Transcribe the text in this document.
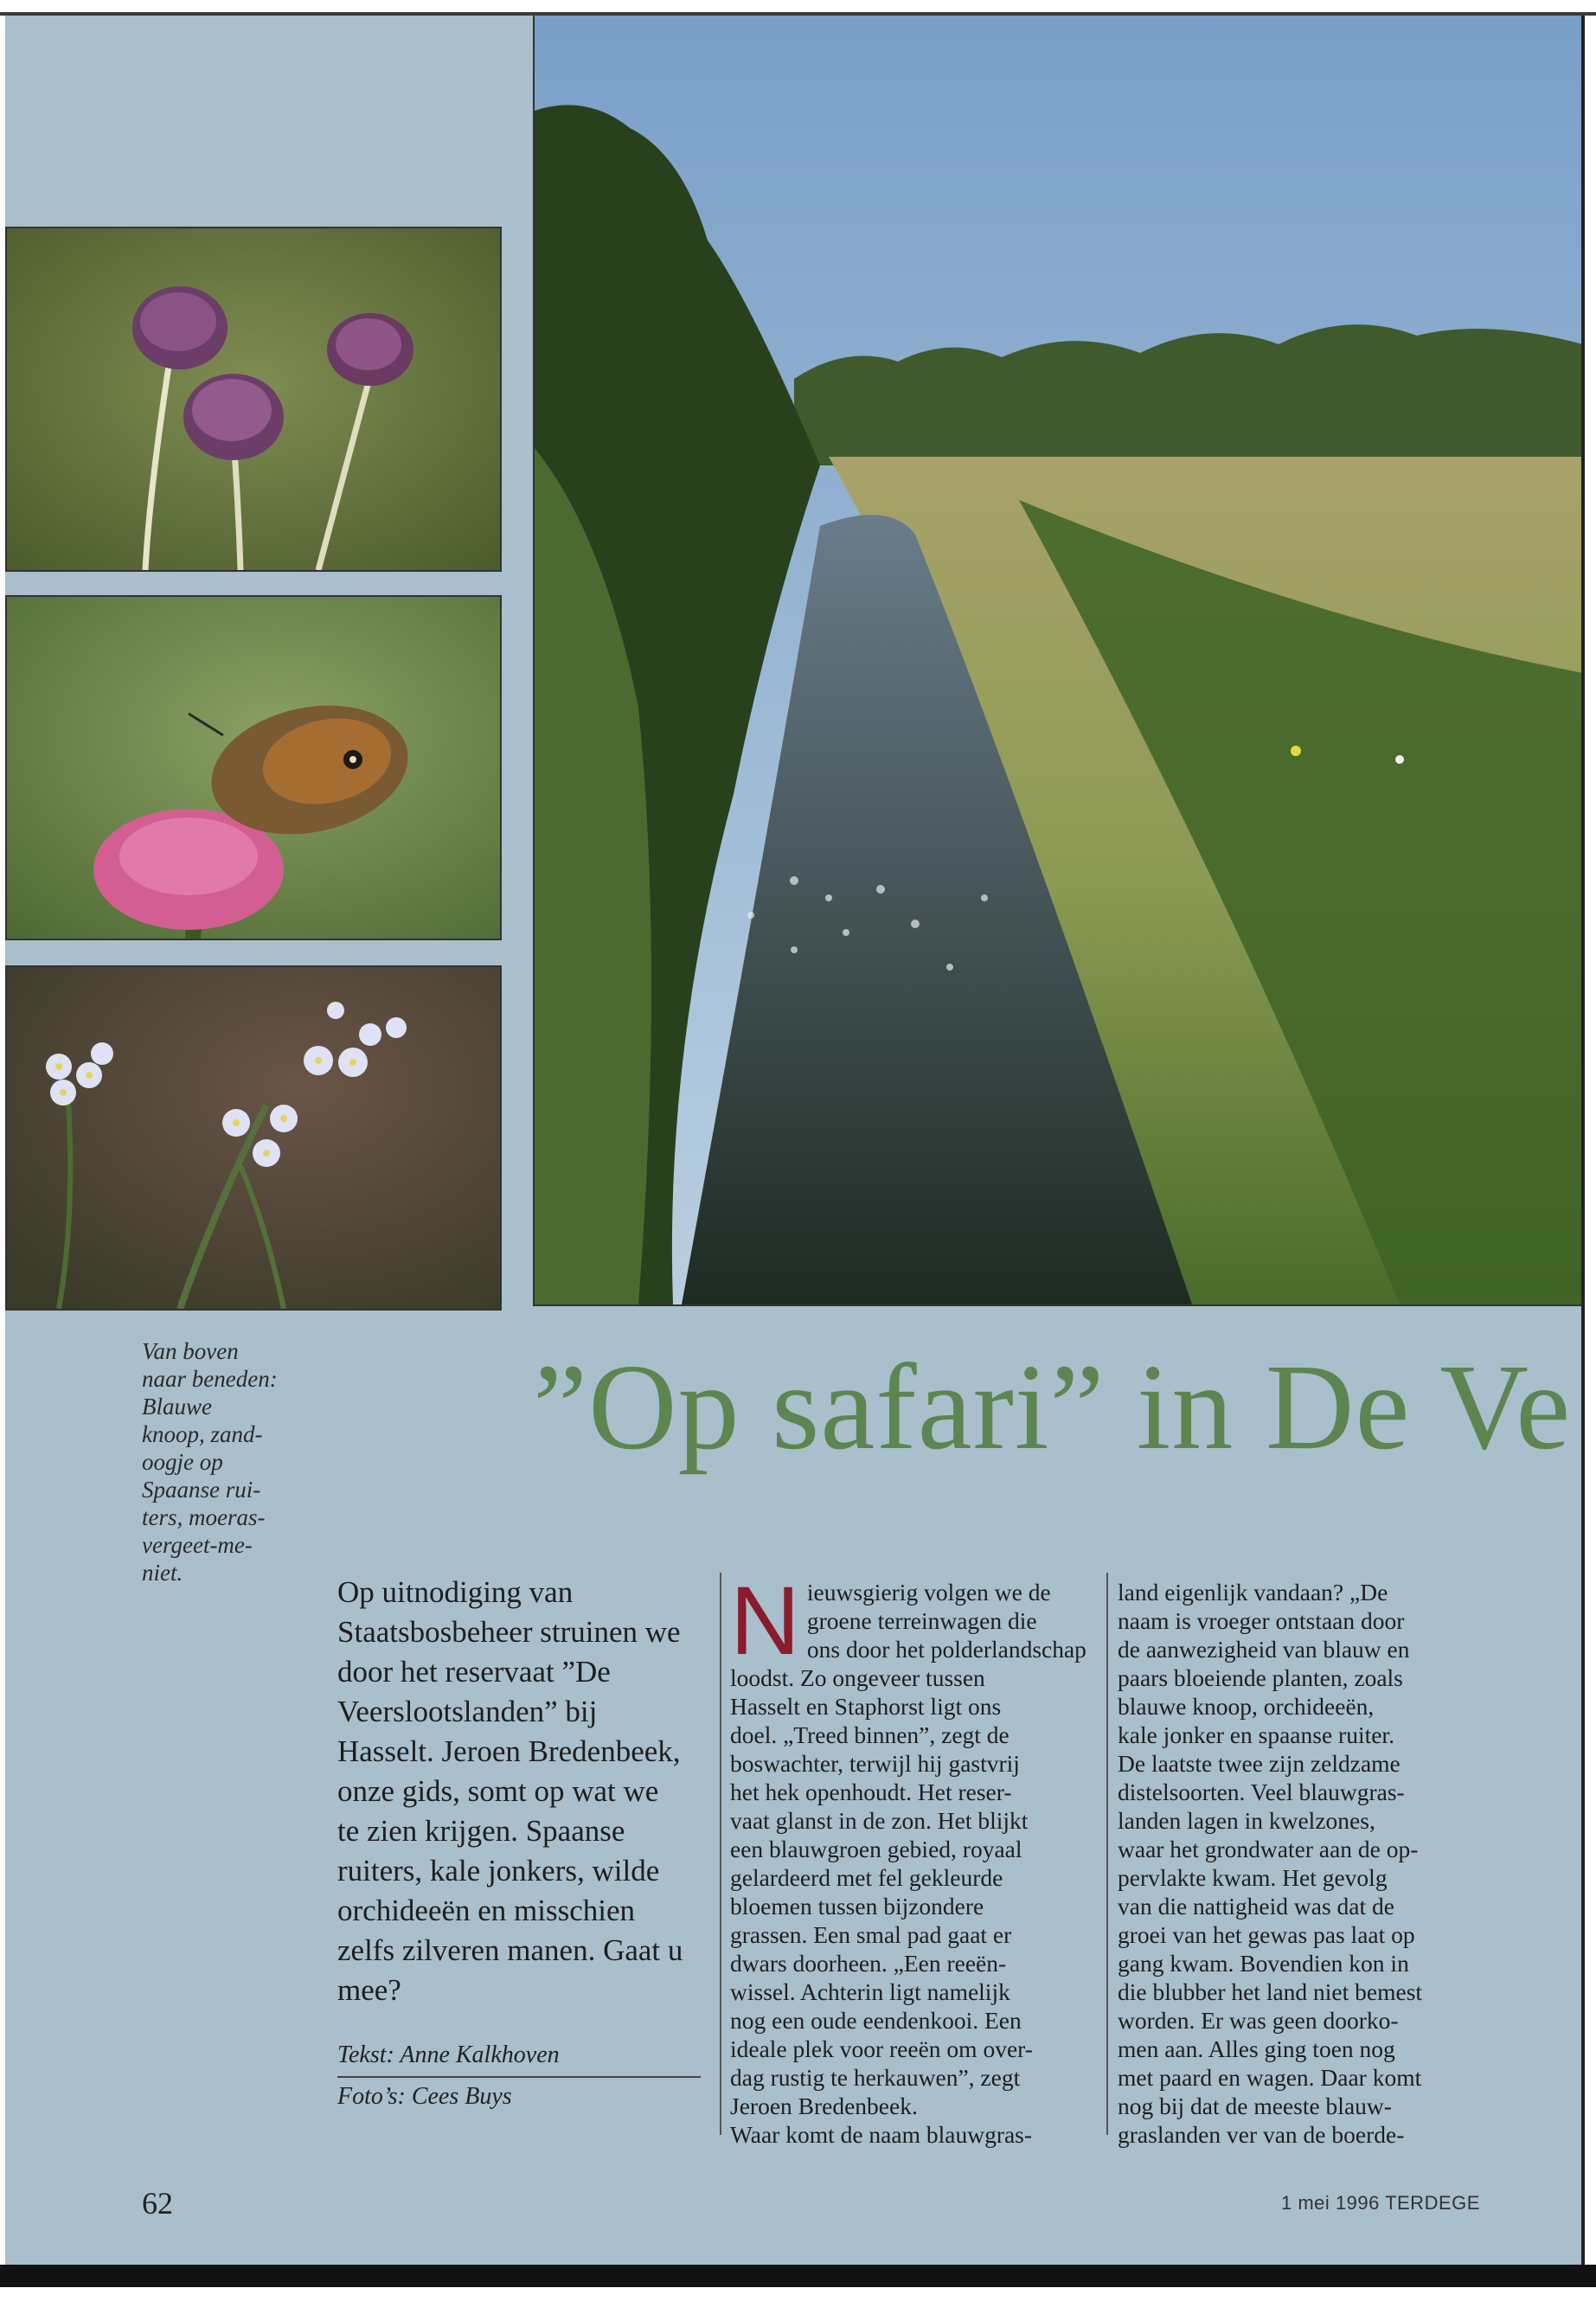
Van boven
naar beneden:
Blauwe
knoop, zand-
oogje op
Spaanse rui-
ters, moeras-
vergeet-me-
niet.
”Op safari” in De Ve
Op uitnodiging van Staatsbosbeheer struinen we door het reservaat ”De Veerslootslanden” bij Hasselt. Jeroen Bredenbeek, onze gids, somt op wat we te zien krijgen. Spaanse ruiters, kale jonkers, wilde orchideeën en misschien zelfs zilveren manen. Gaat u mee?
Tekst: Anne Kalkhoven
Foto’s: Cees Buys
Nieuwsgierig volgen we de
groene terreinwagen die
ons door het polderlandschap
loodst. Zo ongeveer tussen
Hasselt en Staphorst ligt ons
doel. „Treed binnen”, zegt de
boswachter, terwijl hij gastvrij
het hek openhoudt. Het reser-
vaat glanst in de zon. Het blijkt
een blauwgroen gebied, royaal
gelardeerd met fel gekleurde
bloemen tussen bijzondere
grassen. Een smal pad gaat er
dwars doorheen. „Een reeën-
wissel. Achterin ligt namelijk
nog een oude eendenkooi. Een
ideale plek voor reeën om over-
dag rustig te herkauwen”, zegt
Jeroen Bredenbeek.
Waar komt de naam blauwgras-
land eigenlijk vandaan? „De
naam is vroeger ontstaan door
de aanwezigheid van blauw en
paars bloeiende planten, zoals
blauwe knoop, orchideeën,
kale jonker en spaanse ruiter.
De laatste twee zijn zeldzame
distelsoorten. Veel blauwgras-
landen lagen in kwelzones,
waar het grondwater aan de op-
pervlakte kwam. Het gevolg
van die nattigheid was dat de
groei van het gewas pas laat op
gang kwam. Bovendien kon in
die blubber het land niet bemest
worden. Er was geen doorko-
men aan. Alles ging toen nog
met paard en wagen. Daar komt
nog bij dat de meeste blauw-
graslanden ver van de boerde-
62	1 mei 1996 TERDEGE
